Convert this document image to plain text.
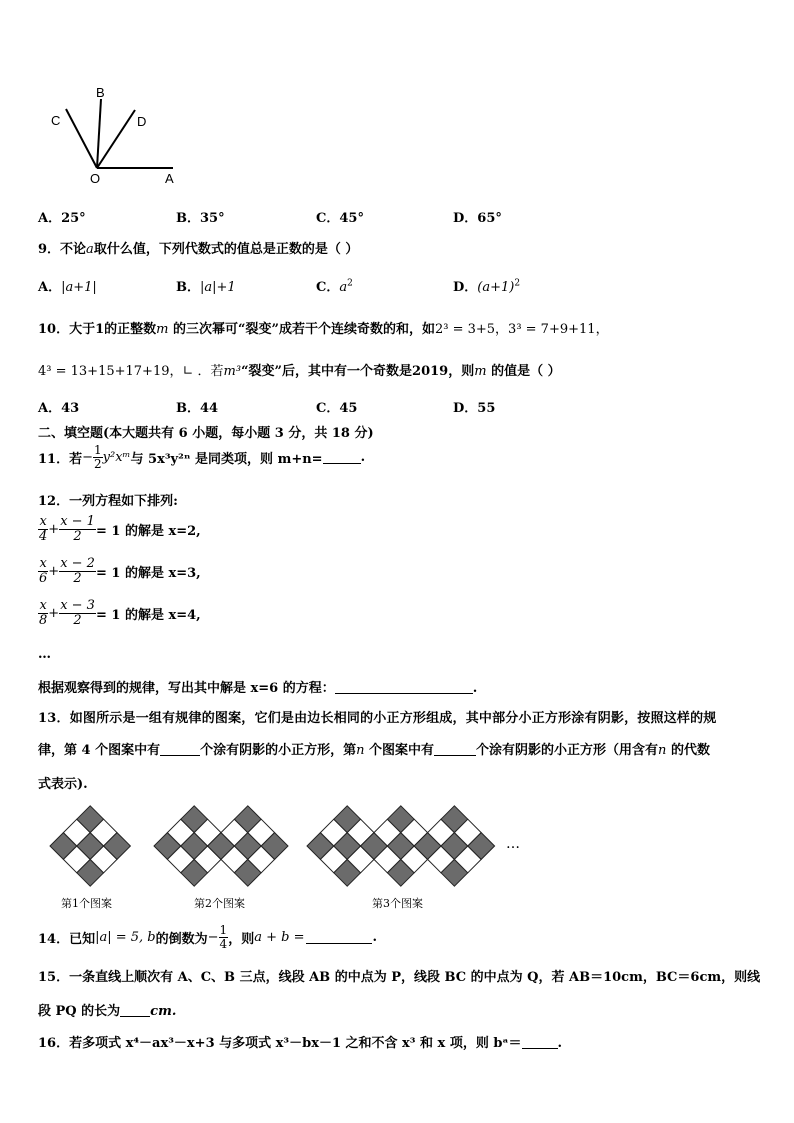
B
C	D
O	A
A．25°	B．35°	C．45°	D．65°
9．不论a取什么值，下列代数式的值总是正数的是（ ）
A．|a+1|	B．|a|+1	C．$a^2$	D．$(a+1)^2$
10．大于1的正整数m 的三次幂可“裂变”成若干个连续奇数的和，如2³ = 3+5，3³ = 7+9+11，
4³ = 13+15+17+19，∟ ．若m³“裂变”后，其中有一个奇数是2019，则m 的值是（ ）
A．43	B．44	C．45	D．55
二、填空题(本大题共有 6 小题，每小题 3 分，共 18 分)
11．若 − $\frac{1}{2}$ y²xᵐ 与 5x³y²ⁿ 是同类项，则 m+n=	.
12．一列方程如下排列:
$\frac{x}{4} + \frac{x - 1}{2} = 1$ 的解是 x=2,
$\frac{x}{6} + \frac{x - 2}{2} = 1$ 的解是 x=3,
$\frac{x}{8} + \frac{x - 3}{2} = 1$ 的解是 x=4,
…
根据观察得到的规律，写出其中解是 x=6 的方程：	.
13．如图所示是一组有规律的图案，它们是由边长相同的小正方形组成，其中部分小正方形涂有阴影，按照这样的规
律，第 4 个图案中有	个涂有阴影的小正方形，第n 个图案中有	个涂有阴影的小正方形（用含有n 的代数
式表示).
第1个图案	第2个图案	第3个图案
…
14．已知 |a| = 5, b 的倒数为 − $\frac{1}{4}$ ，则 a + b =	.
15．一条直线上顺次有 A、C、B 三点，线段 AB 的中点为 P，线段 BC 的中点为 Q，若 AB＝10cm，BC＝6cm，则线
段 PQ 的长为 cm.
16．若多项式 x⁴－ax³－x+3 与多项式 x³－bx－1 之和不含 x³ 和 x 项，则 bᵃ＝	.
